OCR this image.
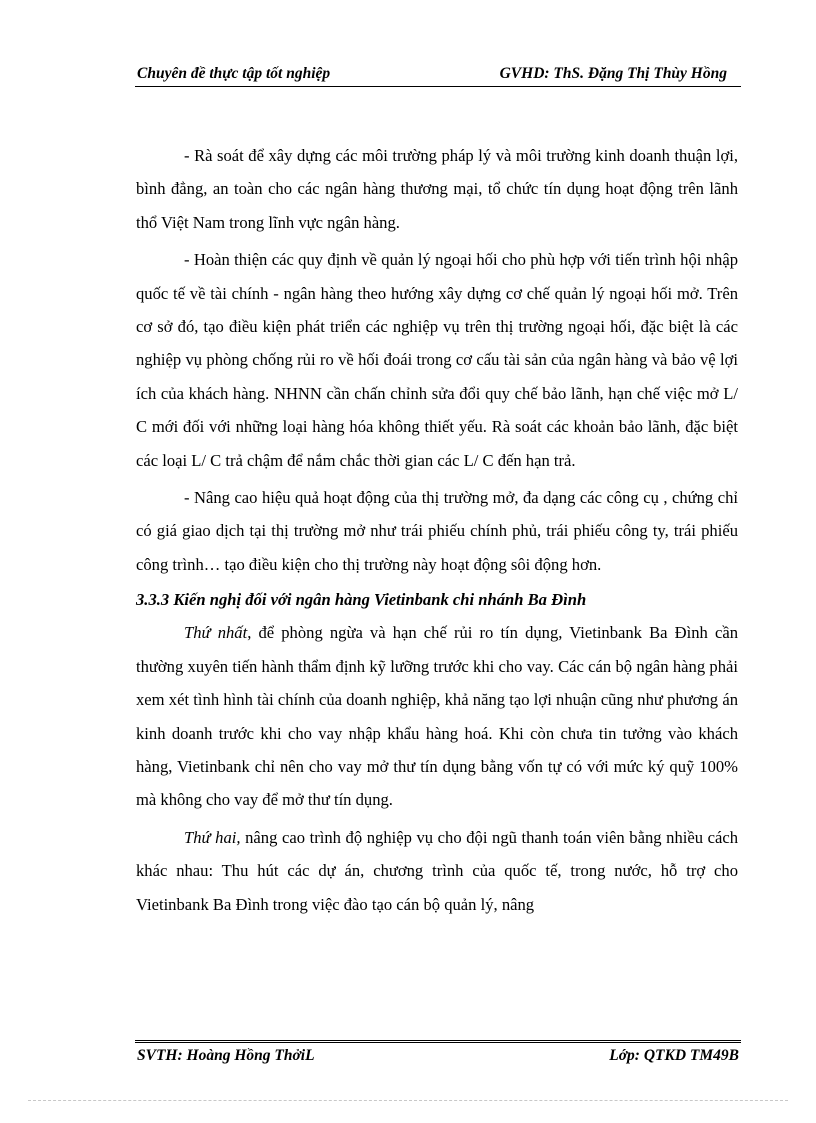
Chuyên đề thực tập tốt nghiệp	GVHD: ThS. Đặng Thị Thùy Hồng

- Rà soát để xây dựng các môi trường pháp lý và môi trường kinh doanh thuận lợi, bình đẳng, an toàn cho các ngân hàng thương mại, tổ chức tín dụng hoạt động trên lãnh thổ Việt Nam trong lĩnh vực ngân hàng.

- Hoàn thiện các quy định về quản lý ngoại hối cho phù hợp với tiến trình hội nhập quốc tế về tài chính - ngân hàng theo hướng xây dựng cơ chế quản lý ngoại hối mở. Trên cơ sở đó, tạo điều kiện phát triển các nghiệp vụ trên thị trường ngoại hối, đặc biệt là các nghiệp vụ phòng chống rủi ro về hối đoái trong cơ cấu tài sản của ngân hàng và bảo vệ lợi ích của khách hàng. NHNN cần chấn chỉnh sửa đổi quy chế bảo lãnh, hạn chế việc mở L/ C mới đối với những loại hàng hóa không thiết yếu. Rà soát các khoản bảo lãnh, đặc biệt các loại L/ C trả chậm để nắm chắc thời gian các L/ C đến hạn trả.

- Nâng cao hiệu quả hoạt động của thị trường mở, đa dạng các công cụ , chứng chỉ có giá giao dịch tại thị trường mở như trái phiếu chính phủ, trái phiếu công ty, trái phiếu công trình… tạo điều kiện cho thị trường này hoạt động sôi động hơn.

3.3.3 Kiến nghị đối với ngân hàng Vietinbank chi nhánh Ba Đình

Thứ nhất, để phòng ngừa và hạn chế rủi ro tín dụng, Vietinbank Ba Đình cần thường xuyên tiến hành thẩm định kỹ lưỡng trước khi cho vay. Các cán bộ ngân hàng phải xem xét tình hình tài chính của doanh nghiệp, khả năng tạo lợi nhuận cũng như phương án kinh doanh trước khi cho vay nhập khẩu hàng hoá. Khi còn chưa tin tưởng vào khách hàng, Vietinbank chỉ nên cho vay mở thư tín dụng bằng vốn tự có với mức ký quỹ 100% mà không cho vay để mở thư tín dụng.

Thứ hai, nâng cao trình độ nghiệp vụ cho đội ngũ thanh toán viên bằng nhiều cách khác nhau: Thu hút các dự án, chương trình của quốc tế, trong nước, hỗ trợ cho Vietinbank Ba Đình trong việc đào tạo cán bộ quản lý, nâng

SVTH: Hoàng Hồng ThởiL	Lớp: QTKD TM49B
